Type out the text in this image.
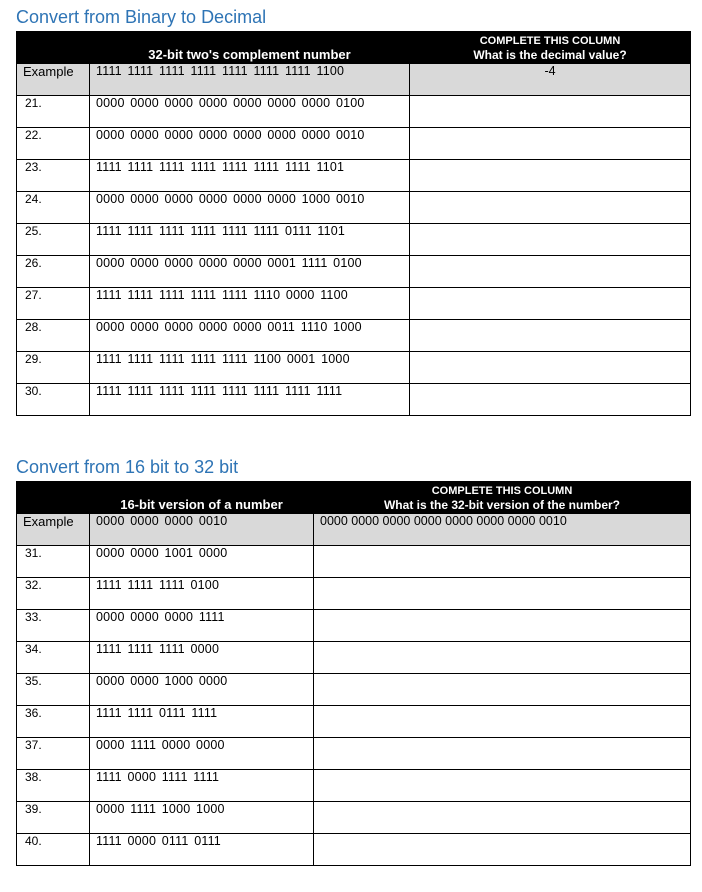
Convert from Binary to Decimal

	32-bit two's complement number	COMPLETE THIS COLUMN
What is the decimal value?

Example	1111 1111 1111 1111 1111 1111 1111 1100	-4
21.	0000 0000 0000 0000 0000 0000 0000 0100	
22.	0000 0000 0000 0000 0000 0000 0000 0010	
23.	1111 1111 1111 1111 1111 1111 1111 1101	
24.	0000 0000 0000 0000 0000 0000 1000 0010	
25.	1111 1111 1111 1111 1111 1111 0111 1101	
26.	0000 0000 0000 0000 0000 0001 1111 0100	
27.	1111 1111 1111 1111 1111 1110 0000 1100	
28.	0000 0000 0000 0000 0000 0011 1110 1000	
29.	1111 1111 1111 1111 1111 1100 0001 1000	
30.	1111 1111 1111 1111 1111 1111 1111 1111	
Convert from 16 bit to 32 bit

	16-bit version of a number	COMPLETE THIS COLUMN
What is the 32-bit version of the number?

Example	0000 0000 0000 0010	0000 0000 0000 0000 0000 0000 0000 0010
31.	0000 0000 1001 0000	
32.	1111 1111 1111 0100	
33.	0000 0000 0000 1111	
34.	1111 1111 1111 0000	
35.	0000 0000 1000 0000	
36.	1111 1111 0111 1111	
37.	0000 1111 0000 0000	
38.	1111 0000 1111 1111	
39.	0000 1111 1000 1000	
40.	1111 0000 0111 0111	
